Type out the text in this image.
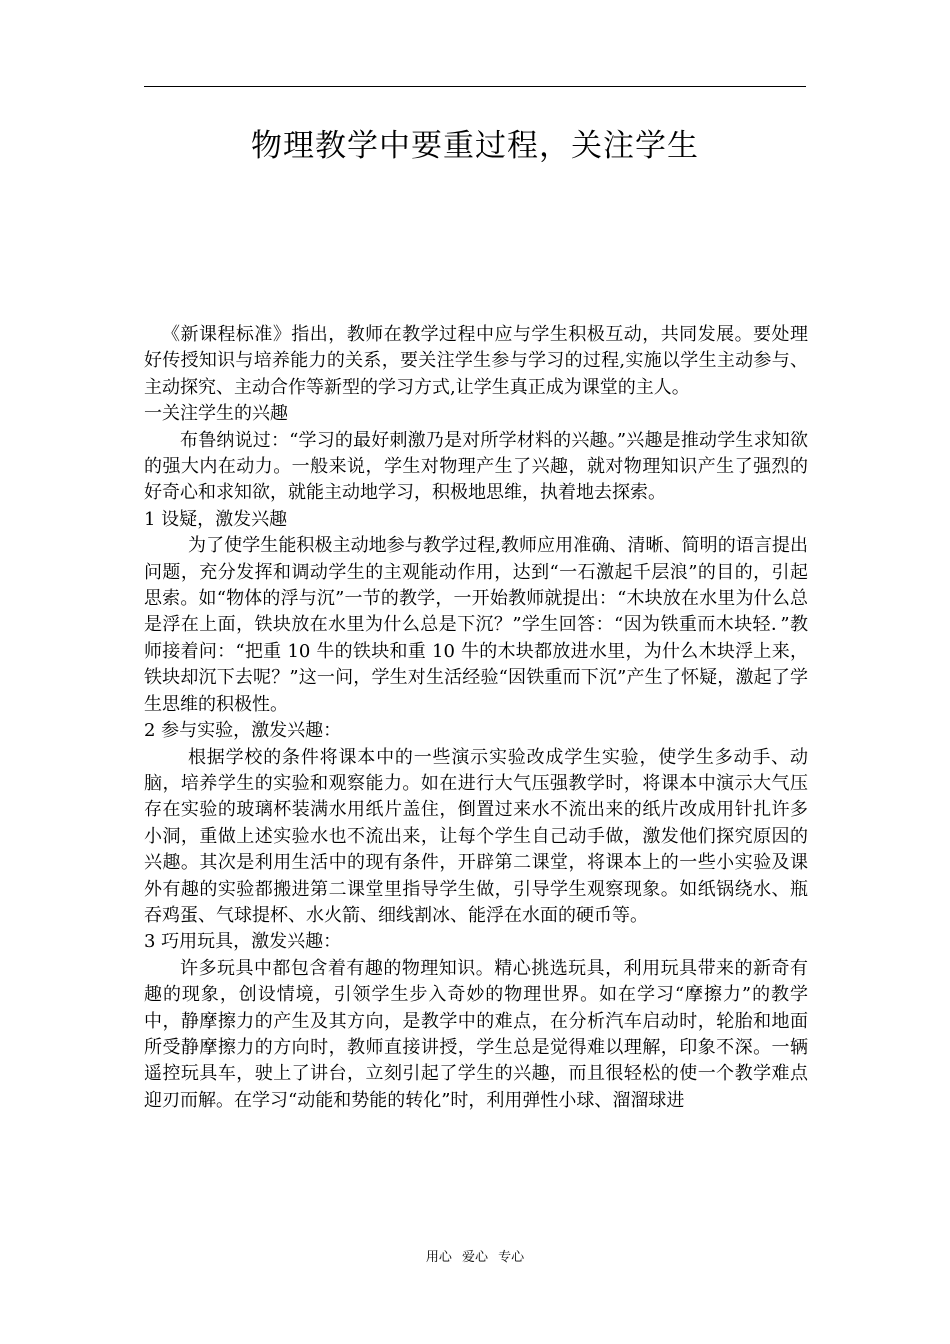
物理教学中要重过程，关注学生

《新课程标准》指出，教师在教学过程中应与学生积极互动，共同发展。要处理好传授知识与培养能力的关系，要关注学生参与学习的过程,实施以学生主动参与、主动探究、主动合作等新型的学习方式,让学生真正成为课堂的主人。

一关注学生的兴趣

布鲁纳说过：“学习的最好刺激乃是对所学材料的兴趣。”兴趣是推动学生求知欲的强大内在动力。一般来说，学生对物理产生了兴趣，就对物理知识产生了强烈的好奇心和求知欲，就能主动地学习，积极地思维，执着地去探索。

1 设疑，激发兴趣

为了使学生能积极主动地参与教学过程,教师应用准确、清晰、简明的语言提出问题，充分发挥和调动学生的主观能动作用，达到“一石激起千层浪”的目的，引起思索。如“物体的浮与沉”一节的教学，一开始教师就提出：“木块放在水里为什么总是浮在上面，铁块放在水里为什么总是下沉？”学生回答：“因为铁重而木块轻．”教师接着问：“把重 10 牛的铁块和重 10 牛的木块都放进水里，为什么木块浮上来，铁块却沉下去呢？”这一问，学生对生活经验“因铁重而下沉”产生了怀疑，激起了学生思维的积极性。

2 参与实验，激发兴趣：

根据学校的条件将课本中的一些演示实验改成学生实验，使学生多动手、动脑，培养学生的实验和观察能力。如在进行大气压强教学时，将课本中演示大气压存在实验的玻璃杯装满水用纸片盖住，倒置过来水不流出来的纸片改成用针扎许多小洞，重做上述实验水也不流出来，让每个学生自己动手做，激发他们探究原因的兴趣。其次是利用生活中的现有条件，开辟第二课堂，将课本上的一些小实验及课外有趣的实验都搬进第二课堂里指导学生做，引导学生观察现象。如纸锅绕水、瓶吞鸡蛋、气球提杯、水火箭、细线割冰、能浮在水面的硬币等。

3 巧用玩具，激发兴趣：

许多玩具中都包含着有趣的物理知识。精心挑选玩具，利用玩具带来的新奇有趣的现象，创设情境，引领学生步入奇妙的物理世界。如在学习“摩擦力”的教学中，静摩擦力的产生及其方向，是教学中的难点，在分析汽车启动时，轮胎和地面所受静摩擦力的方向时，教师直接讲授，学生总是觉得难以理解，印象不深。一辆遥控玩具车，驶上了讲台，立刻引起了学生的兴趣，而且很轻松的使一个教学难点迎刃而解。在学习“动能和势能的转化”时，利用弹性小球、溜溜球进

用心 爱心 专心
